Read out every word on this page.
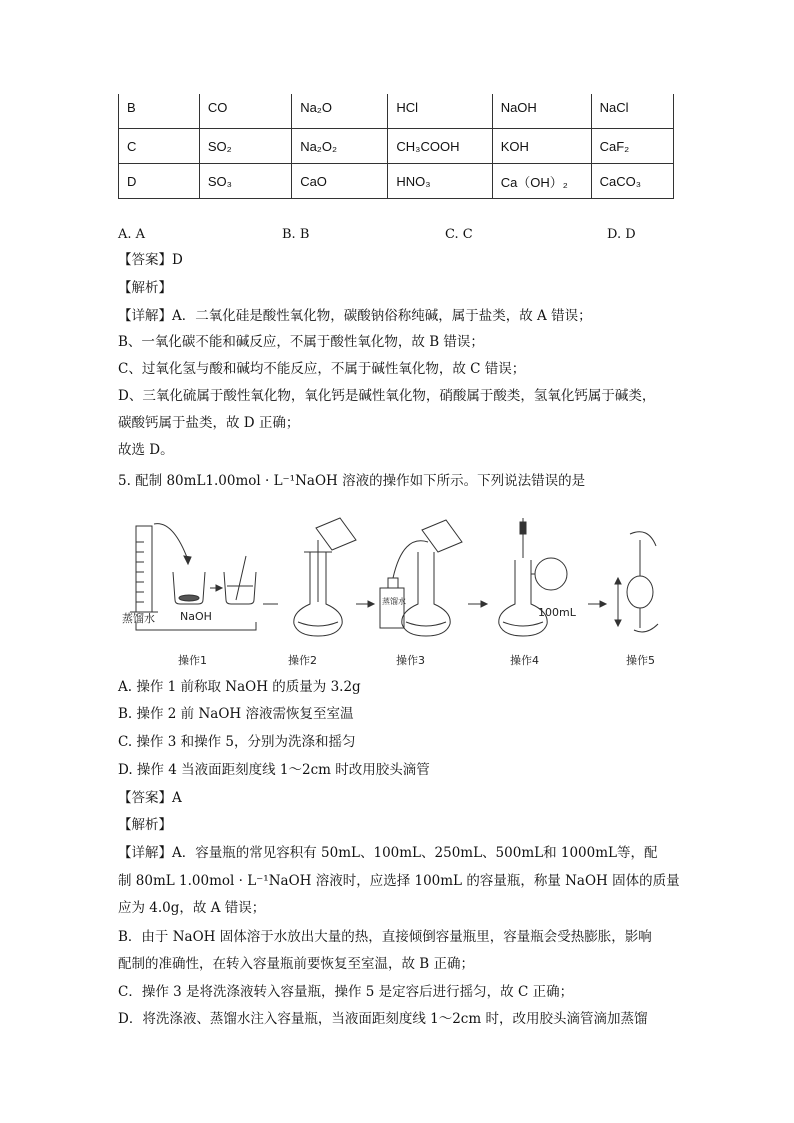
B	CO	Na₂O	HCl	NaOH	NaCl
C	SO₂	Na₂O₂	CH₃COOH	KOH	CaF₂
D	SO₃	CaO	HNO₃	Ca（OH）₂	CaCO₃
A. A	B. B	C. C	D. D
【答案】D
【解析】
【详解】A．二氧化硅是酸性氧化物，碳酸钠俗称纯碱，属于盐类，故 A 错误；
B、一氧化碳不能和碱反应，不属于酸性氧化物，故 B 错误；
C、过氧化氢与酸和碱均不能反应，不属于碱性氧化物，故 C 错误；
D、三氧化硫属于酸性氧化物，氧化钙是碱性氧化物，硝酸属于酸类，氢氧化钙属于碱类，
碳酸钙属于盐类，故 D 正确；
故选 D。
5. 配制 80mL1.00mol · L⁻¹NaOH 溶液的操作如下所示。下列说法错误的是
蒸馏水 NaOH
蒸馏水
100mL
操作1	操作2	操作3	操作4	操作5
A. 操作 1 前称取 NaOH 的质量为 3.2g
B. 操作 2 前 NaOH 溶液需恢复至室温
C. 操作 3 和操作 5，分别为洗涤和摇匀
D. 操作 4 当液面距刻度线 1～2cm 时改用胶头滴管
【答案】A
【解析】
【详解】A．容量瓶的常见容积有 50mL、100mL、250mL、500mL和 1000mL等，配
制 80mL 1.00mol · L⁻¹NaOH 溶液时，应选择 100mL 的容量瓶，称量 NaOH 固体的质量
应为 4.0g，故 A 错误；
B．由于 NaOH 固体溶于水放出大量的热，直接倾倒容量瓶里，容量瓶会受热膨胀，影响
配制的准确性，在转入容量瓶前要恢复至室温，故 B 正确；
C．操作 3 是将洗涤液转入容量瓶，操作 5 是定容后进行摇匀，故 C 正确；
D．将洗涤液、蒸馏水注入容量瓶，当液面距刻度线 1～2cm 时，改用胶头滴管滴加蒸馏
